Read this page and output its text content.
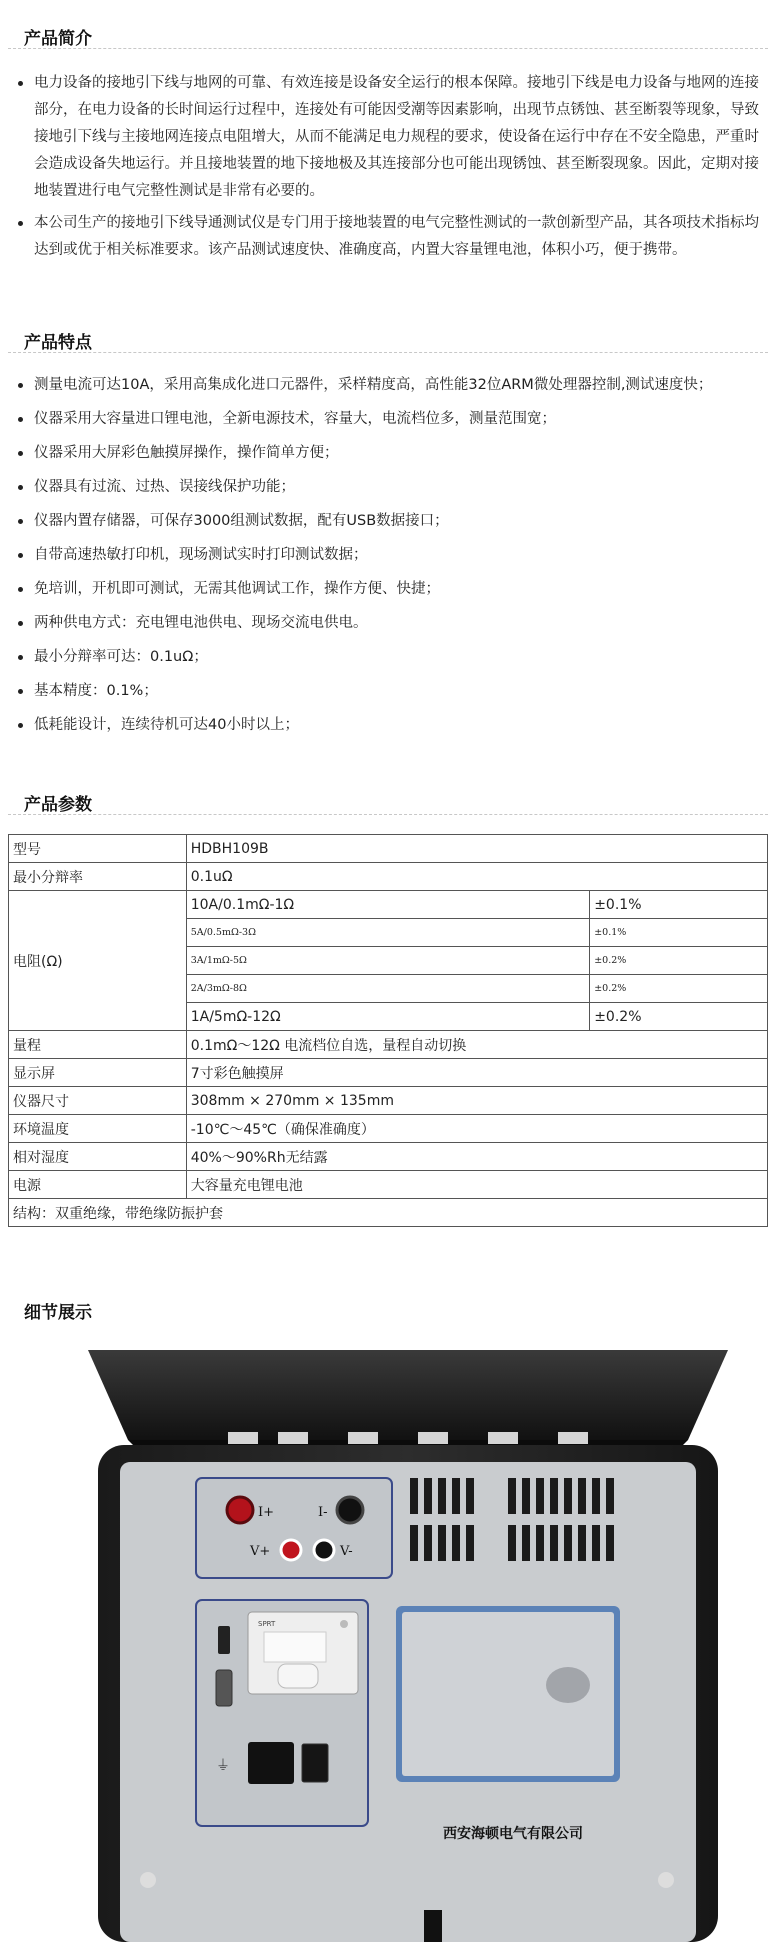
产品简介
电力设备的接地引下线与地网的可靠、有效连接是设备安全运行的根本保障。接地引下线是电力设备与地网的连接部分，在电力设备的长时间运行过程中，连接处有可能因受潮等因素影响，出现节点锈蚀、甚至断裂等现象，导致接地引下线与主接地网连接点电阻增大，从而不能满足电力规程的要求，使设备在运行中存在不安全隐患，严重时会造成设备失地运行。并且接地装置的地下接地极及其连接部分也可能出现锈蚀、甚至断裂现象。因此，定期对接地装置进行电气完整性测试是非常有必要的。
本公司生产的接地引下线导通测试仪是专门用于接地装置的电气完整性测试的一款创新型产品，其各项技术指标均达到或优于相关标准要求。该产品测试速度快、准确度高，内置大容量锂电池，体积小巧，便于携带。
产品特点
测量电流可达10A，采用高集成化进口元器件，采样精度高，高性能32位ARM微处理器控制,测试速度快；
仪器采用大容量进口锂电池，全新电源技术，容量大，电流档位多，测量范围宽；
仪器采用大屏彩色触摸屏操作，操作简单方便；
仪器具有过流、过热、误接线保护功能；
仪器内置存储器，可保存3000组测试数据，配有USB数据接口；
自带高速热敏打印机，现场测试实时打印测试数据；
免培训，开机即可测试，无需其他调试工作，操作方便、快捷；
两种供电方式：充电锂电池供电、现场交流电供电。
最小分辩率可达：0.1uΩ；
基本精度：0.1%；
低耗能设计，连续待机可达40小时以上；
产品参数
型号	HDBH109B	
最小分辩率	0.1uΩ	
电阻(Ω)	10A/0.1mΩ-1Ω	±0.1%
	5A/0.5mΩ-3Ω	±0.1%
	3A/1mΩ-5Ω	±0.2%
	2A/3mΩ-8Ω	±0.2%
	1A/5mΩ-12Ω	±0.2%
量程	0.1mΩ～12Ω 电流档位自选，量程自动切换	
显示屏	7寸彩色触摸屏	
仪器尺寸	308mm × 270mm × 135mm	
环境温度	-10℃～45℃（确保准确度）	
相对湿度	40%～90%Rh无结露	
电源	大容量充电锂电池	
结构：双重绝缘，带绝缘防振护套		
细节展示
I+	I-
V+	V-
SPRT
⏚
西安海顿电气有限公司
